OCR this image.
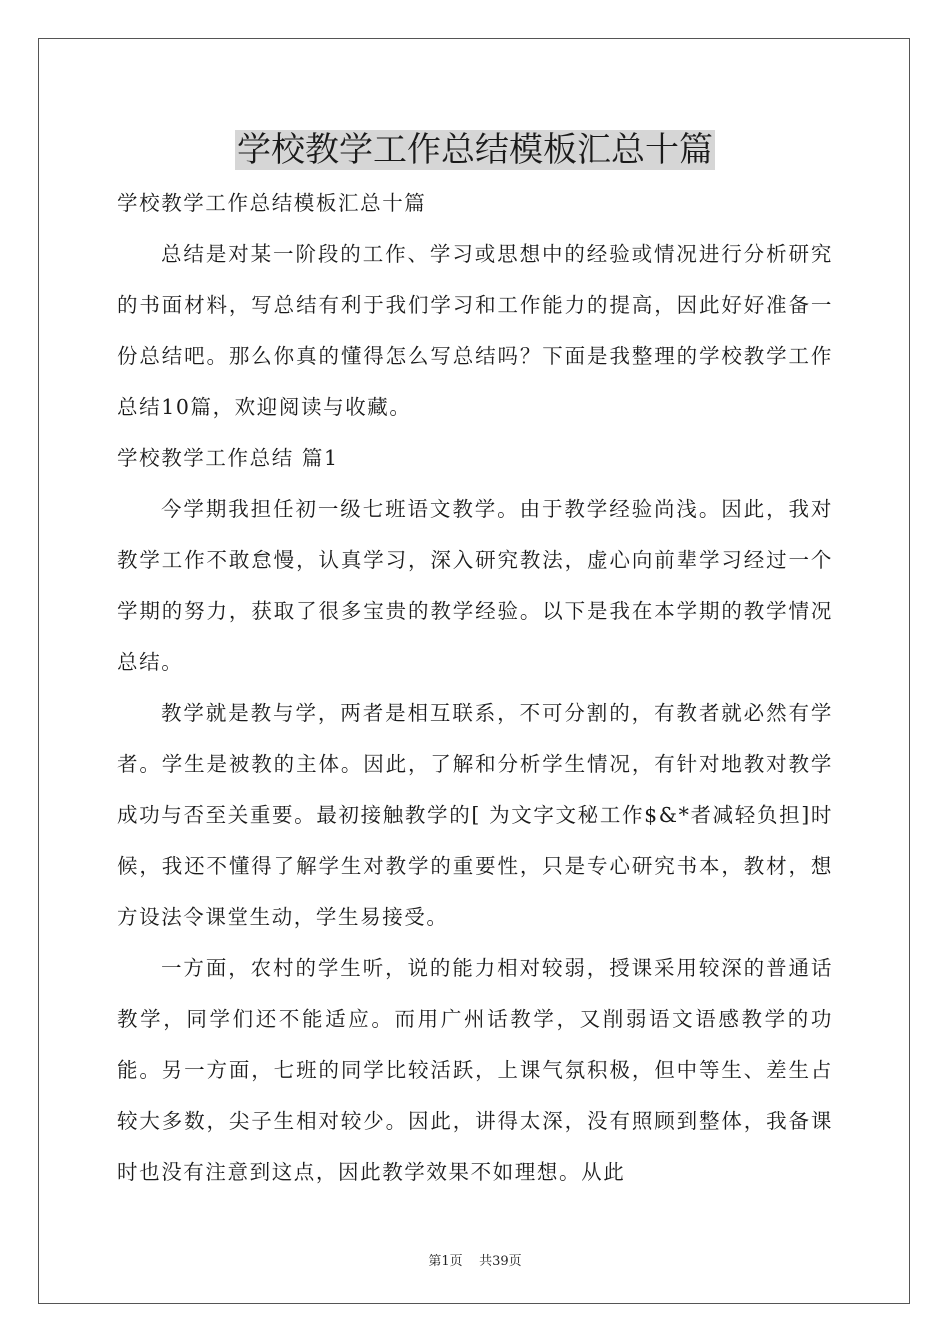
学校教学工作总结模板汇总十篇

学校教学工作总结模板汇总十篇

总结是对某一阶段的工作、学习或思想中的经验或情况进行分析研究的书面材料，写总结有利于我们学习和工作能力的提高，因此好好准备一份总结吧。那么你真的懂得怎么写总结吗？下面是我整理的学校教学工作总结10篇，欢迎阅读与收藏。

学校教学工作总结 篇1

今学期我担任初一级七班语文教学。由于教学经验尚浅。因此，我对教学工作不敢怠慢，认真学习，深入研究教法，虚心向前辈学习经过一个学期的努力，获取了很多宝贵的教学经验。以下是我在本学期的教学情况总结。

教学就是教与学，两者是相互联系，不可分割的，有教者就必然有学者。学生是被教的主体。因此，了解和分析学生情况，有针对地教对教学成功与否至关重要。最初接触教学的[ 为文字文秘工作$&*者减轻负担]时候，我还不懂得了解学生对教学的重要性，只是专心研究书本，教材，想方设法令课堂生动，学生易接受。

一方面，农村的学生听，说的能力相对较弱，授课采用较深的普通话教学，同学们还不能适应。而用广州话教学，又削弱语文语感教学的功能。另一方面，七班的同学比较活跃，上课气氛积极，但中等生、差生占较大多数，尖子生相对较少。因此，讲得太深，没有照顾到整体，我备课时也没有注意到这点，因此教学效果不如理想。从此

第1页 共39页
